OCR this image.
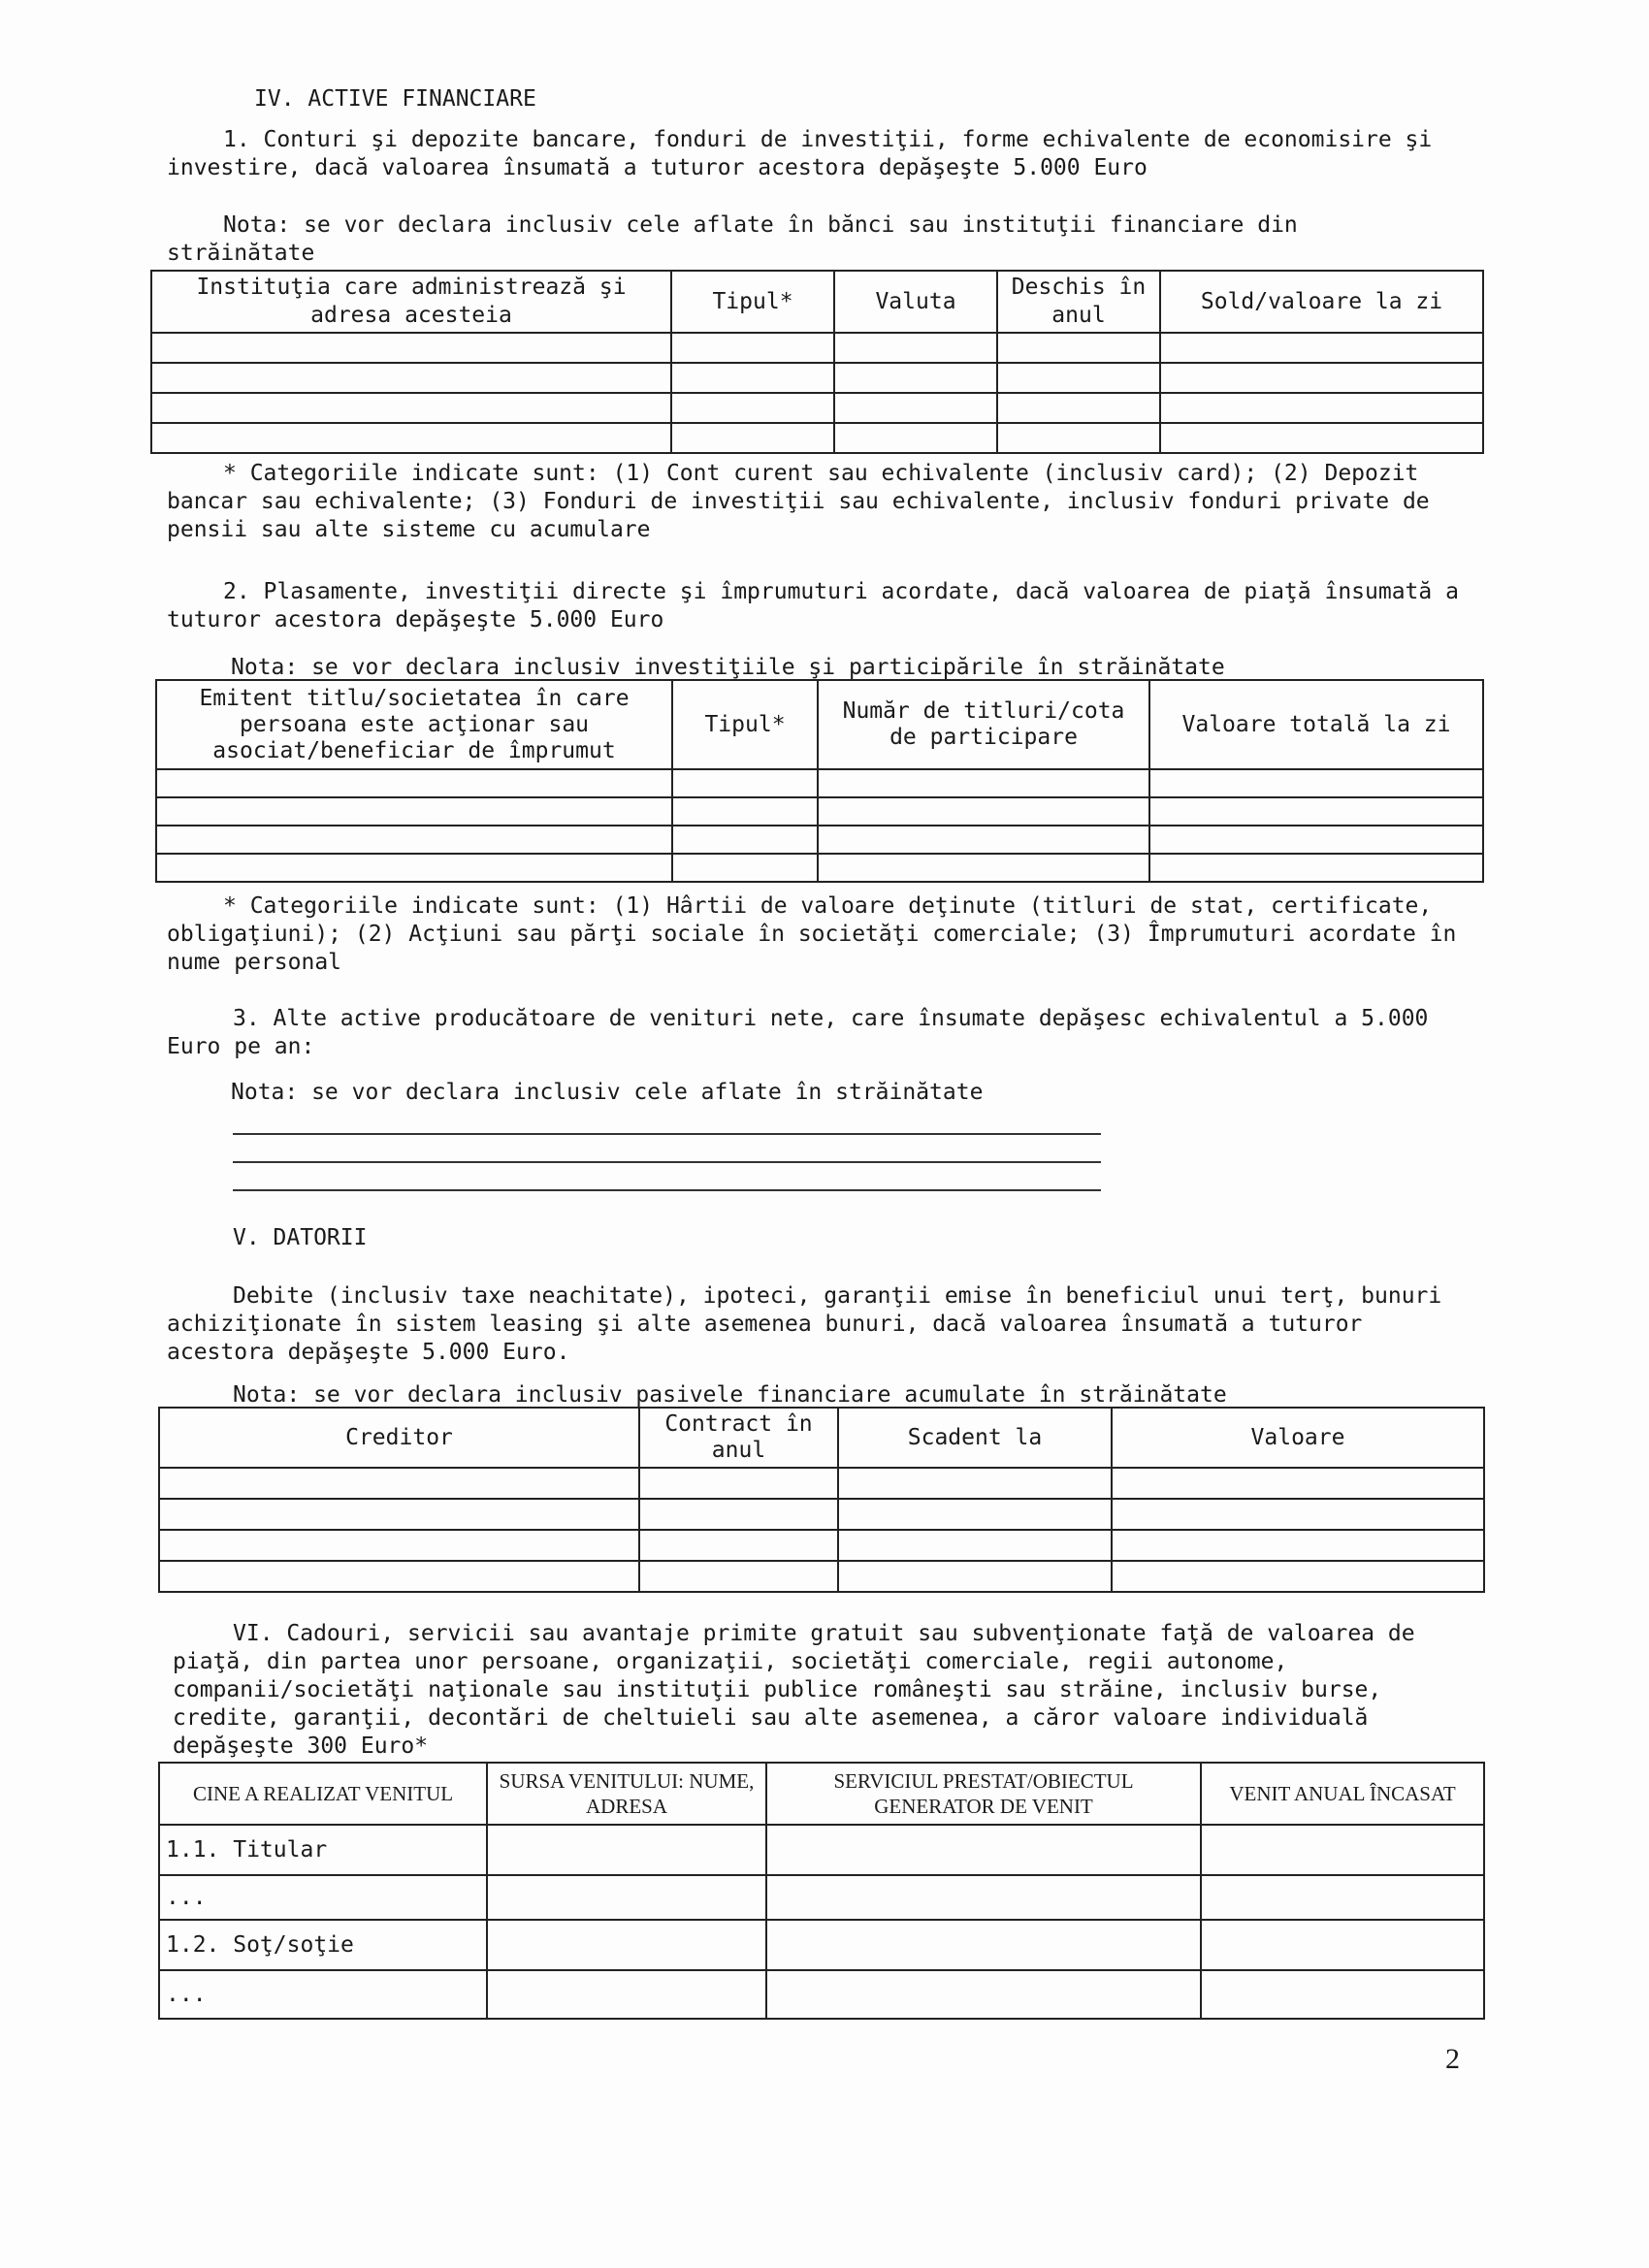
IV. ACTIVE FINANCIARE

1. Conturi şi depozite bancare, fonduri de investiţii, forme echivalente de economisire şi investire, dacă valoarea însumată a tuturor acestora depăşeşte 5.000 Euro

Nota: se vor declara inclusiv cele aflate în bănci sau instituţii financiare din străinătate

Instituţia care administrează şi adresa acesteia	Tipul*	Valuta	Deschis în anul	Sold/valoare la zi

* Categoriile indicate sunt: (1) Cont curent sau echivalente (inclusiv card); (2) Depozit bancar sau echivalente; (3) Fonduri de investiţii sau echivalente, inclusiv fonduri private de pensii sau alte sisteme cu acumulare

2. Plasamente, investiţii directe şi împrumuturi acordate, dacă valoarea de piaţă însumată a tuturor acestora depăşeşte 5.000 Euro

Nota: se vor declara inclusiv investiţiile şi participările în străinătate

Emitent titlu/societatea în care persoana este acţionar sau asociat/beneficiar de împrumut	Tipul*	Număr de titluri/cota de participare	Valoare totală la zi

* Categoriile indicate sunt: (1) Hârtii de valoare deţinute (titluri de stat, certificate, obligaţiuni); (2) Acţiuni sau părţi sociale în societăţi comerciale; (3) Împrumuturi acordate în nume personal

3. Alte active producătoare de venituri nete, care însumate depăşesc echivalentul a 5.000 Euro pe an:

Nota: se vor declara inclusiv cele aflate în străinătate

V. DATORII

Debite (inclusiv taxe neachitate), ipoteci, garanţii emise în beneficiul unui terţ, bunuri achiziţionate în sistem leasing şi alte asemenea bunuri, dacă valoarea însumată a tuturor acestora depăşeşte 5.000 Euro.

Nota: se vor declara inclusiv pasivele financiare acumulate în străinătate

Creditor	Contract în anul	Scadent la	Valoare

VI. Cadouri, servicii sau avantaje primite gratuit sau subvenţionate faţă de valoarea de piaţă, din partea unor persoane, organizaţii, societăţi comerciale, regii autonome, companii/societăţi naţionale sau instituţii publice româneşti sau străine, inclusiv burse, credite, garanţii, decontări de cheltuieli sau alte asemenea, a căror valoare individuală depăşeşte 300 Euro*

CINE A REALIZAT VENITUL	SURSA VENITULUI: NUME, ADRESA	SERVICIUL PRESTAT/OBIECTUL GENERATOR DE VENIT	VENIT ANUAL ÎNCASAT
1.1. Titular			
...			
1.2. Soţ/soţie			
...			
2
